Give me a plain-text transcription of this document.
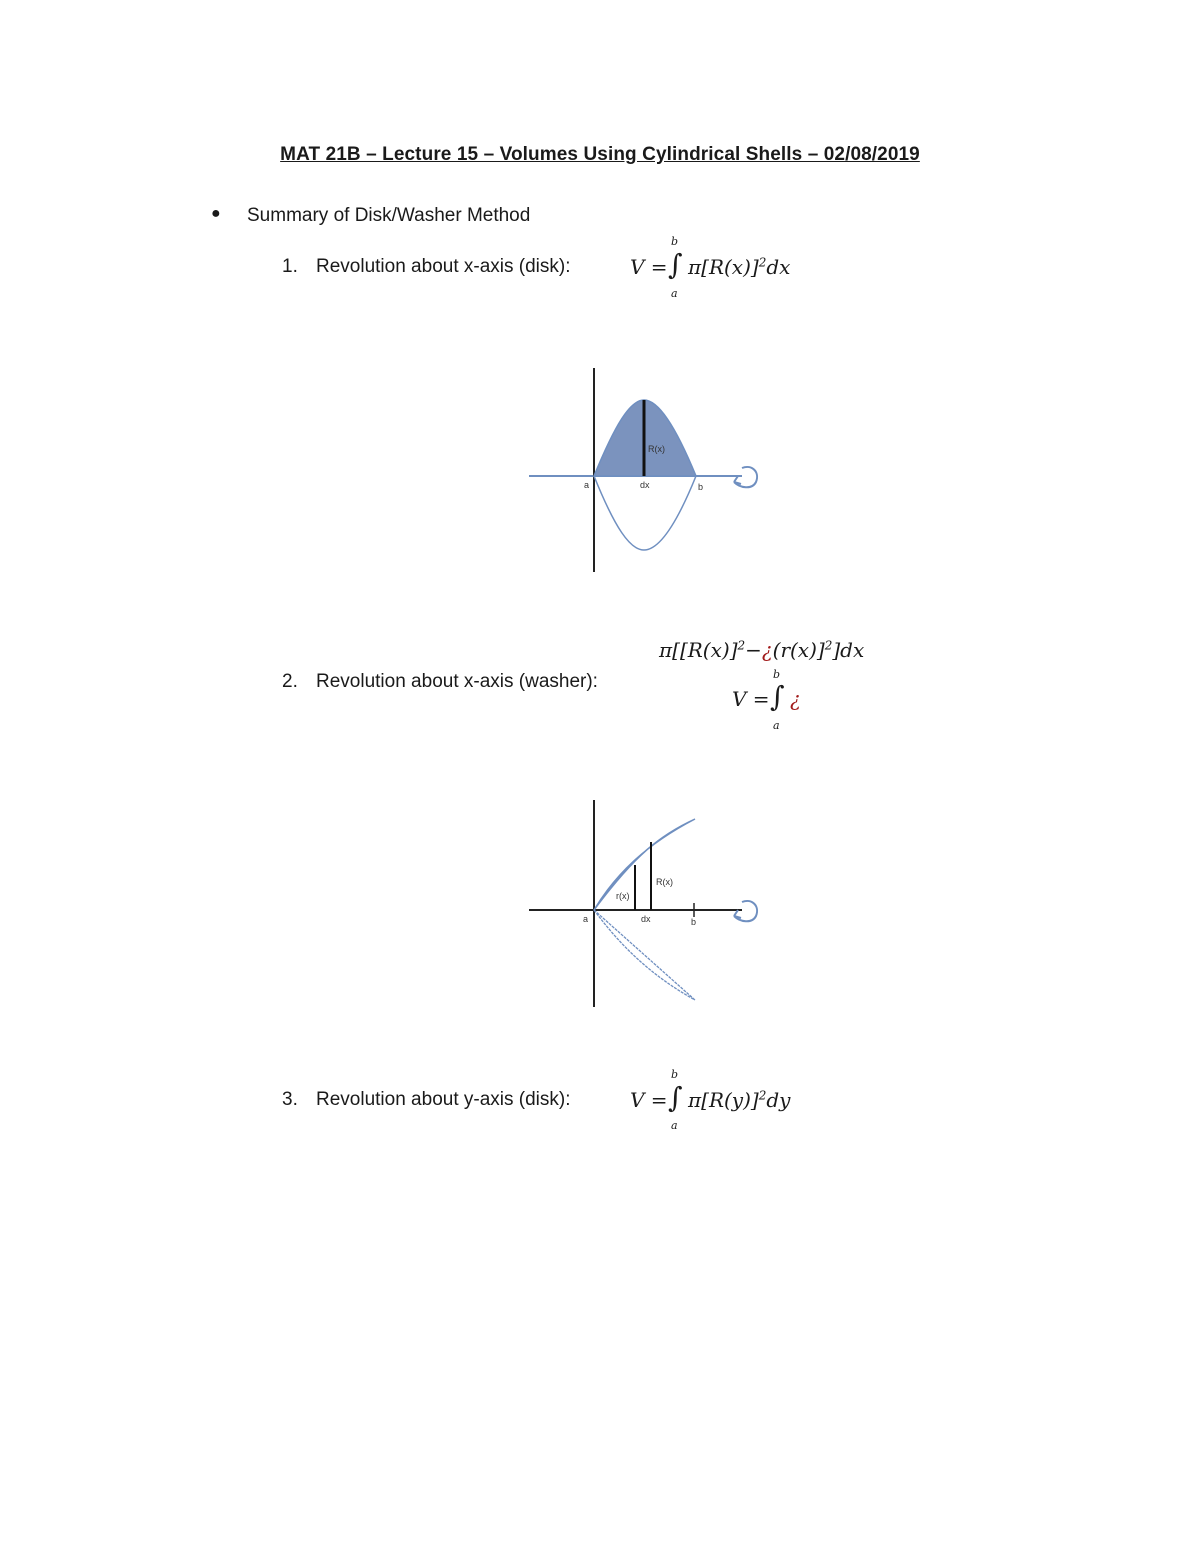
MAT 21B – Lecture 15 – Volumes Using Cylindrical Shells – 02/08/2019
● Summary of Disk/Washer Method
1. Revolution about x-axis (disk):	V = ∫
b
a
$\pi[R(x)]^2dx$
a	dx	b
R(x)
$\pi[[R(x)]^2-¿(r(x)]^2]dx$
2. Revolution about x-axis (washer):
V = ∫
b
a
¿
a	dx	b
r(x)
R(x)
3. Revolution about y-axis (disk):	V = ∫
b
a
$\pi[R(y)]^2dy$
